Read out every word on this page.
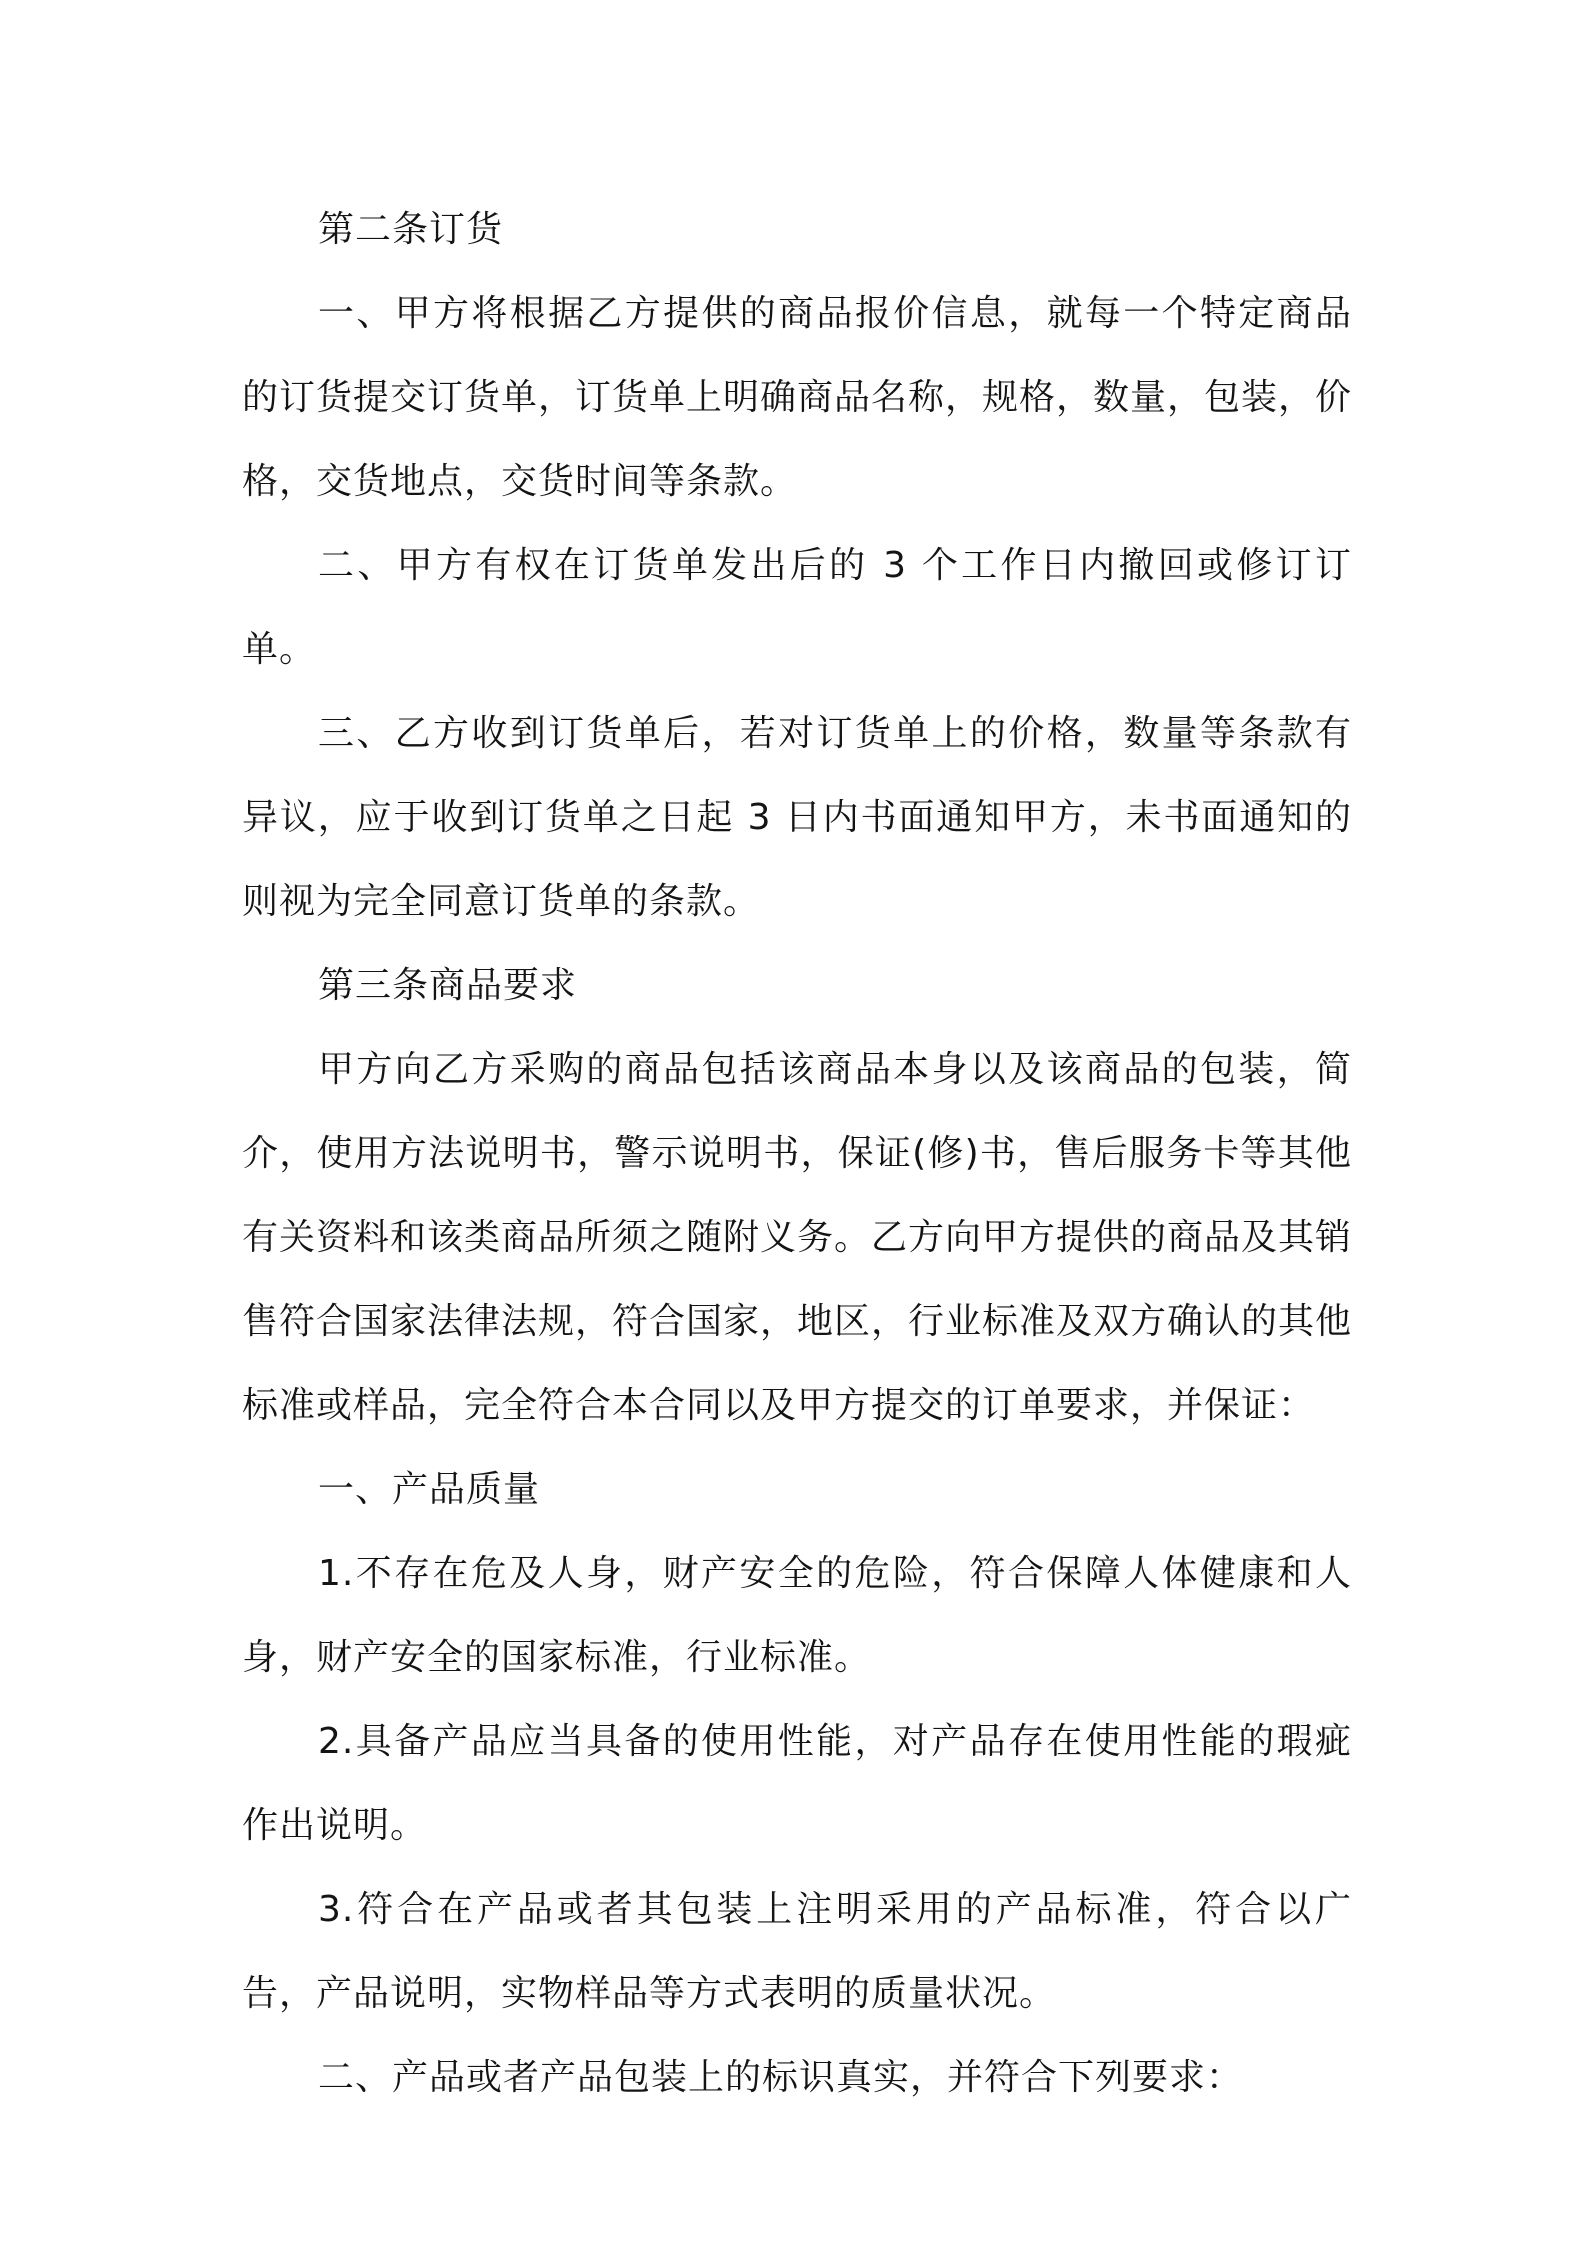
第二条订货

一、甲方将根据乙方提供的商品报价信息，就每一个特定商品的订货提交订货单，订货单上明确商品名称，规格，数量，包装，价格，交货地点，交货时间等条款。

二、甲方有权在订货单发出后的 3 个工作日内撤回或修订订单。

三、乙方收到订货单后，若对订货单上的价格，数量等条款有异议，应于收到订货单之日起 3 日内书面通知甲方，未书面通知的则视为完全同意订货单的条款。

第三条商品要求

甲方向乙方采购的商品包括该商品本身以及该商品的包装，简介，使用方法说明书，警示说明书，保证(修)书，售后服务卡等其他有关资料和该类商品所须之随附义务。乙方向甲方提供的商品及其销售符合国家法律法规，符合国家，地区，行业标准及双方确认的其他标准或样品，完全符合本合同以及甲方提交的订单要求，并保证：

一、产品质量

1.不存在危及人身，财产安全的危险，符合保障人体健康和人身，财产安全的国家标准，行业标准。

2.具备产品应当具备的使用性能，对产品存在使用性能的瑕疵作出说明。

3.符合在产品或者其包装上注明采用的产品标准，符合以广告，产品说明，实物样品等方式表明的质量状况。

二、产品或者产品包装上的标识真实，并符合下列要求：
